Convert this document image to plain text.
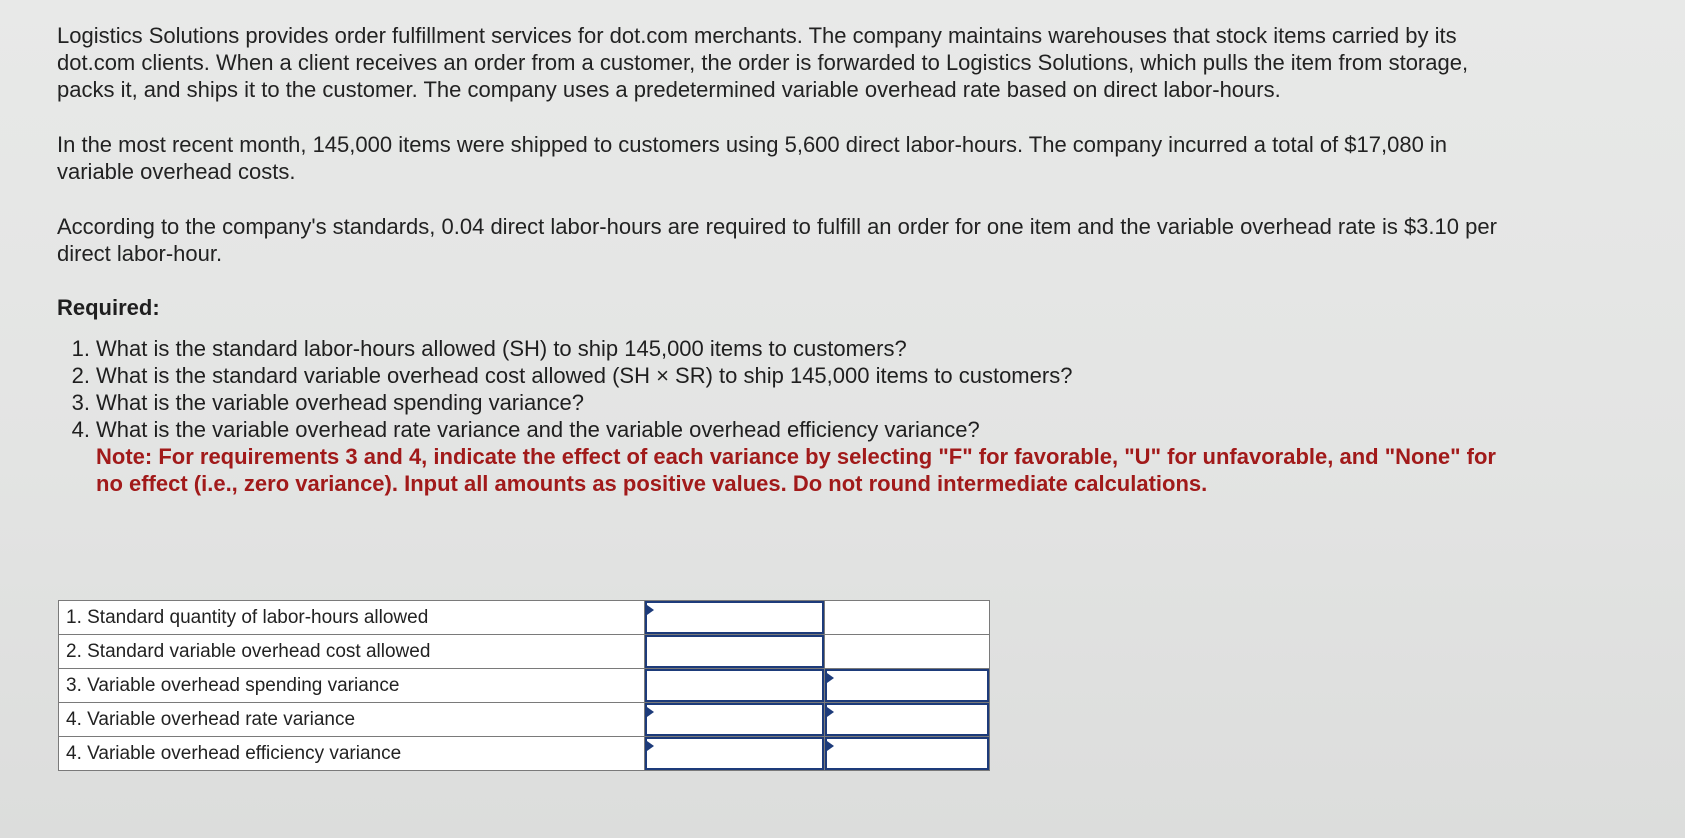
Logistics Solutions provides order fulfillment services for dot.com merchants. The company maintains warehouses that stock items carried by its dot.com clients. When a client receives an order from a customer, the order is forwarded to Logistics Solutions, which pulls the item from storage, packs it, and ships it to the customer. The company uses a predetermined variable overhead rate based on direct labor-hours.

In the most recent month, 145,000 items were shipped to customers using 5,600 direct labor-hours. The company incurred a total of $17,080 in variable overhead costs.

According to the company's standards, 0.04 direct labor-hours are required to fulfill an order for one item and the variable overhead rate is $3.10 per direct labor-hour.

Required:
1. What is the standard labor-hours allowed (SH) to ship 145,000 items to customers?
2. What is the standard variable overhead cost allowed (SH × SR) to ship 145,000 items to customers?
3. What is the variable overhead spending variance?
4. What is the variable overhead rate variance and the variable overhead efficiency variance?
Note: For requirements 3 and 4, indicate the effect of each variance by selecting "F" for favorable, "U" for unfavorable, and "None" for no effect (i.e., zero variance). Input all amounts as positive values. Do not round intermediate calculations.
1. Standard quantity of labor-hours allowed	

2. Standard variable overhead cost allowed		

3. Variable overhead spending variance		

4. Variable overhead rate variance	

4. Variable overhead efficiency variance	
